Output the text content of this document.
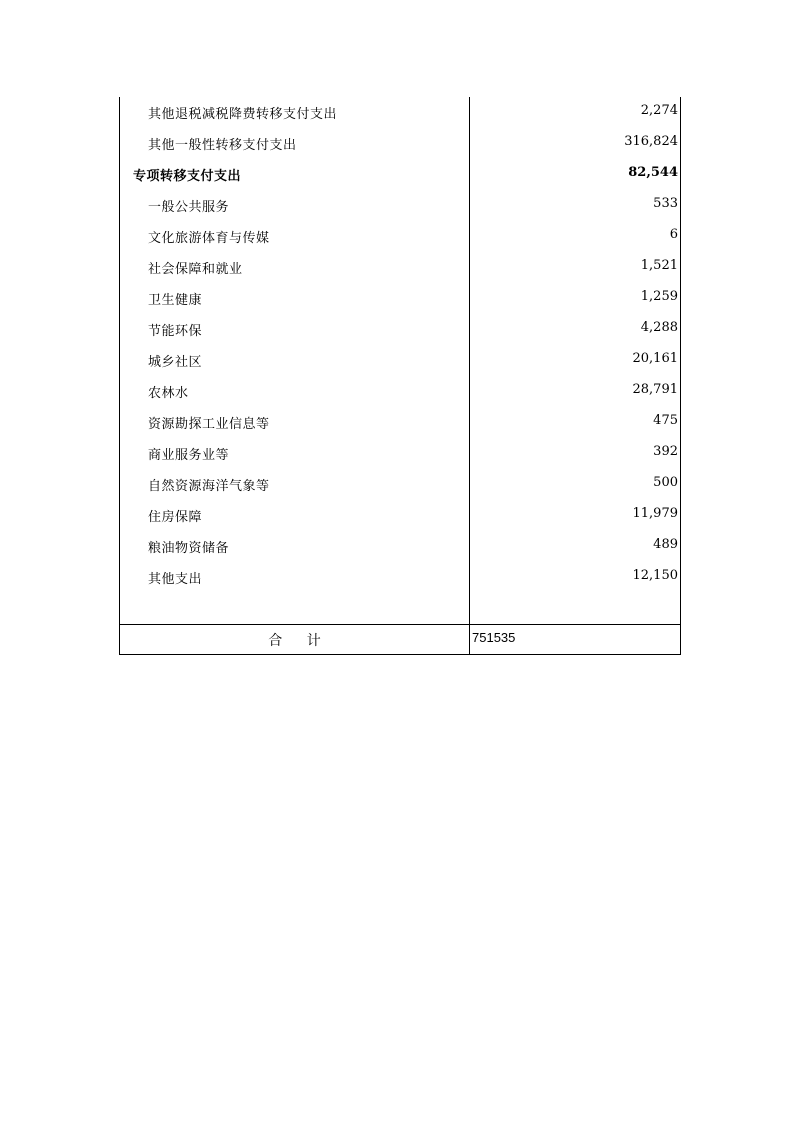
其他退税减税降费转移支付支出	2,274
其他一般性转移支付支出	316,824
专项转移支付支出	82,544
一般公共服务	533
文化旅游体育与传媒	6
社会保障和就业	1,521
卫生健康	1,259
节能环保	4,288
城乡社区	20,161
农林水	28,791
资源勘探工业信息等	475
商业服务业等	392
自然资源海洋气象等	500
住房保障	11,979
粮油物资储备	489
其他支出	12,150
合 计	751535
